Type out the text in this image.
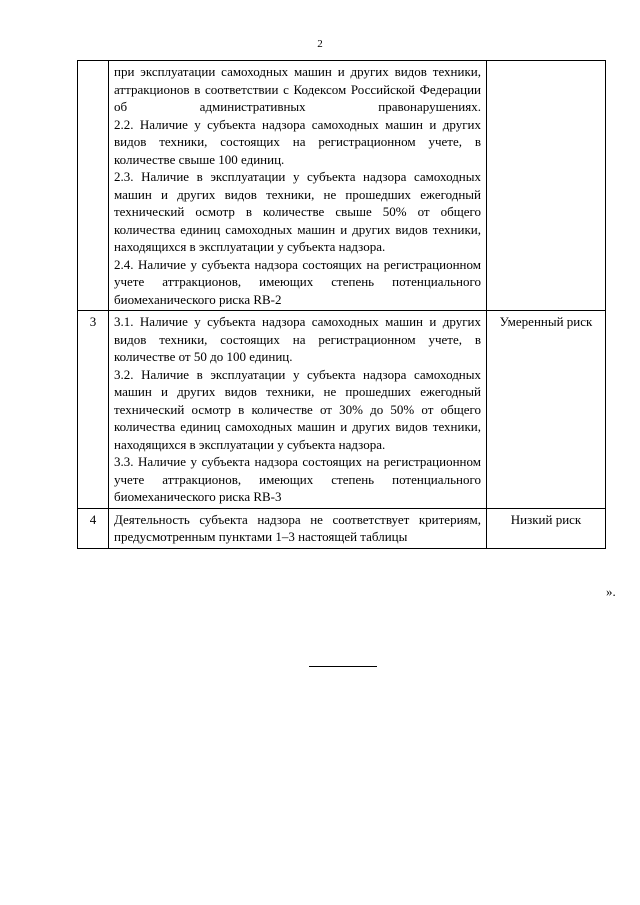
2

	при эксплуатации самоходных машин и других видов техники, аттракционов в соответствии с Кодексом Российской Федерации об административных правонарушениях.

2.2. Наличие у субъекта надзора самоходных машин и других видов техники, состоящих на регистрационном учете, в количестве свыше 100 единиц.

2.3. Наличие в эксплуатации у субъекта надзора самоходных машин и других видов техники, не прошедших ежегодный технический осмотр в количестве свыше 50% от общего количества единиц самоходных машин и других видов техники, находящихся в эксплуатации у субъекта надзора.

2.4. Наличие у субъекта надзора состоящих на регистрационном учете аттракционов, имеющих степень потенциального биомеханического риска RB-2	

3	3.1. Наличие у субъекта надзора самоходных машин и других видов техники, состоящих на регистрационном учете, в количестве от 50 до 100 единиц.

3.2. Наличие в эксплуатации у субъекта надзора самоходных машин и других видов техники, не прошедших ежегодный технический осмотр в количестве от 30% до 50% от общего количества единиц самоходных машин и других видов техники, находящихся в эксплуатации у субъекта надзора.

3.3. Наличие у субъекта надзора состоящих на регистрационном учете аттракционов, имеющих степень потенциального биомеханического риска RB-3	Умеренный риск
4	Деятельность субъекта надзора не соответствует критериям, предусмотренным пунктами 1–3 настоящей таблицы	Низкий риск
».
